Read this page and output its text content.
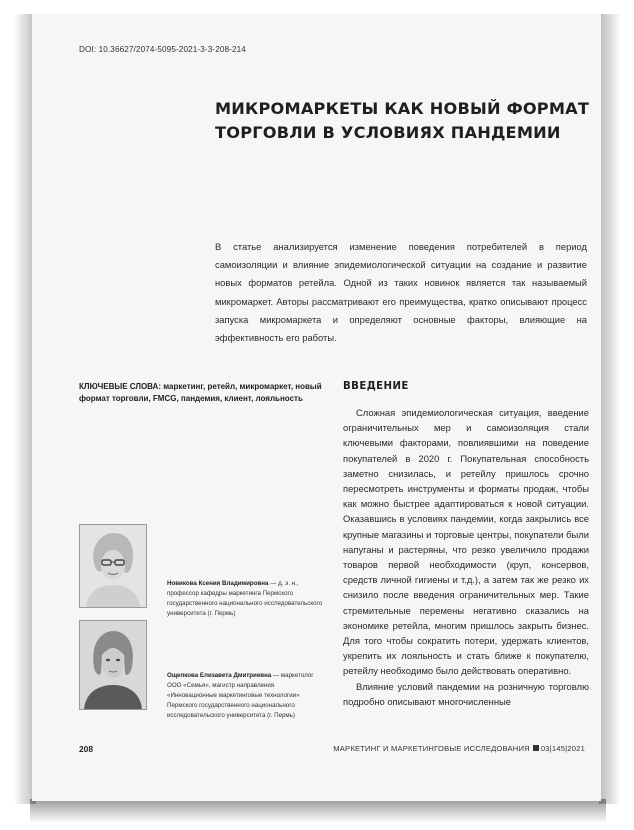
DOI: 10.36627/2074-5095-2021-3-3-208-214
МИКРОМАРКЕТЫ КАК НОВЫЙ ФОРМАТ ТОРГОВЛИ В УСЛОВИЯХ ПАНДЕМИИ

В статье анализируется изменение поведения потребителей в период самоизоляции и влияние эпидемиологической ситуации на создание и развитие новых форматов ретейла. Одной из таких новинок является так называемый микромаркет. Авторы рассматривают его преимущества, кратко описывают процесс запуска микромаркета и определяют основные факторы, влияющие на эффективность его работы.

КЛЮЧЕВЫЕ СЛОВА: маркетинг, ретейл, микромаркет, новый формат торговли, FMCG, пандемия, клиент, лояльность

ВВЕДЕНИЕ

Сложная эпидемиологическая ситуация, введение ограничительных мер и самоизоляция стали ключевыми факторами, повлиявшими на поведение покупателей в 2020 г. Покупательная способность заметно снизилась, и ретейлу пришлось срочно пересмотреть инструменты и форматы продаж, чтобы как можно быстрее адаптироваться к новой ситуации. Оказавшись в условиях пандемии, когда закрылись все крупные магазины и торговые центры, покупатели были напуганы и растеряны, что резко увеличило продажи товаров первой необходимости (круп, консервов, средств личной гигиены и т.д.), а затем так же резко их снизило после введения ограничительных мер. Такие стремительные перемены негативно сказались на экономике ретейла, многим пришлось закрыть бизнес. Для того чтобы сократить потери, удержать клиентов, укрепить их лояльность и стать ближе к покупателю, ретейлу необходимо было действовать оперативно.

Влияние условий пандемии на розничную торговлю подробно описывают многочисленные

Новикова Ксения Владимировна — д. э. н., профессор кафедры маркетинга Пермского государственного национального исследовательского университета (г. Пермь)

Ощепкова Елизавета Дмитриевна — маркетолог ООО «Семья», магистр направления «Инновационные маркетинговые технологии» Пермского государственного национального исследовательского университета (г. Пермь)

208	МАРКЕТИНГ И МАРКЕТИНГОВЫЕ ИССЛЕДОВАНИЯ 03|145|2021
